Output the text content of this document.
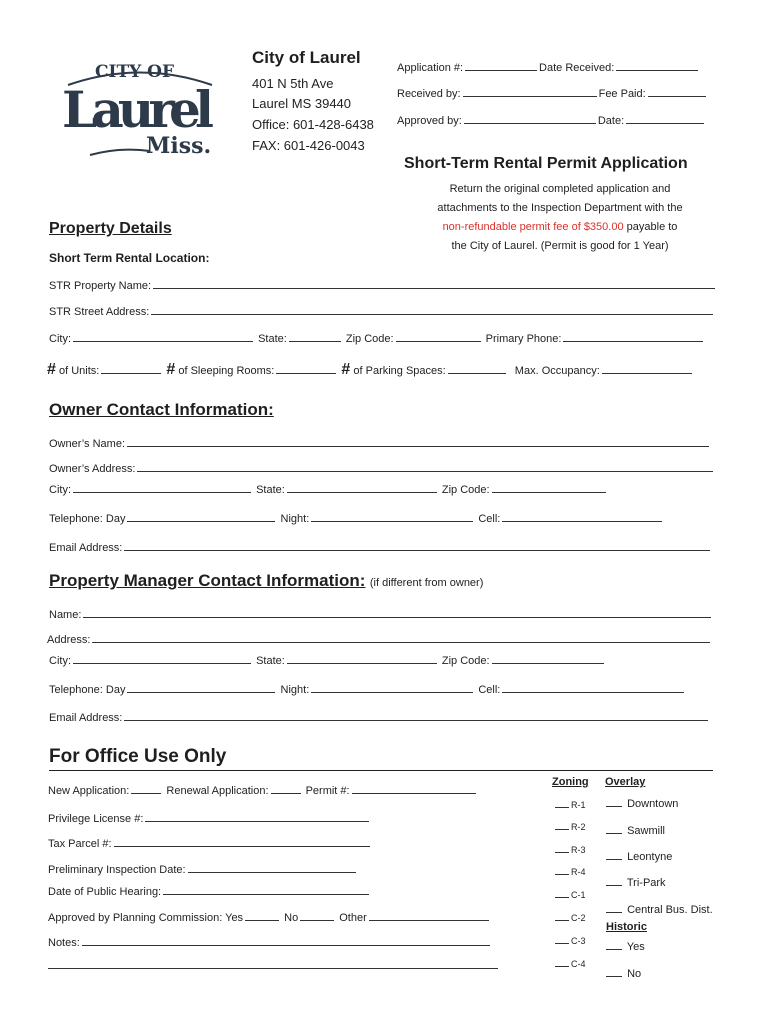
CITY OF
Laurel
Miss.
City of Laurel
401 N 5th Ave
Laurel MS 39440
Office: 601-428-6438
FAX: 601-426-0043
Application #:	Date Received:
Received by:	Fee Paid:
Approved by:	Date:
Short-Term Rental Permit Application
Return the original completed application and
attachments to the Inspection Department with the
non-refundable permit fee of $350.00 payable to
the City of Laurel. (Permit is good for 1 Year)
Property Details
Short Term Rental Location:
STR Property Name:
STR Street Address:
City:	State:	Zip Code:	Primary Phone:
# of Units:	# of Sleeping Rooms:	# of Parking Spaces:	Max. Occupancy:
Owner Contact Information:
Owner’s Name:
Owner’s Address:
City:	State:	Zip Code:
Telephone: Day	Night:	Cell:
Email Address:
Property Manager Contact Information: (if different from owner)
Name:
Address:
City:	State:	Zip Code:
Telephone: Day	Night:	Cell:
Email Address:
For Office Use Only
New Application:	Renewal Application:	Permit #:
Privilege License #:
Tax Parcel #:
Preliminary Inspection Date:
Date of Public Hearing:
Approved by Planning Commission: Yes	No	Other
Notes:
Zoning
R-1
R-2
R-3
R-4
C-1
C-2
C-3
C-4
Overlay
Downtown
Sawmill
Leontyne
Tri-Park
Central Bus. Dist.
Historic
Yes
No
